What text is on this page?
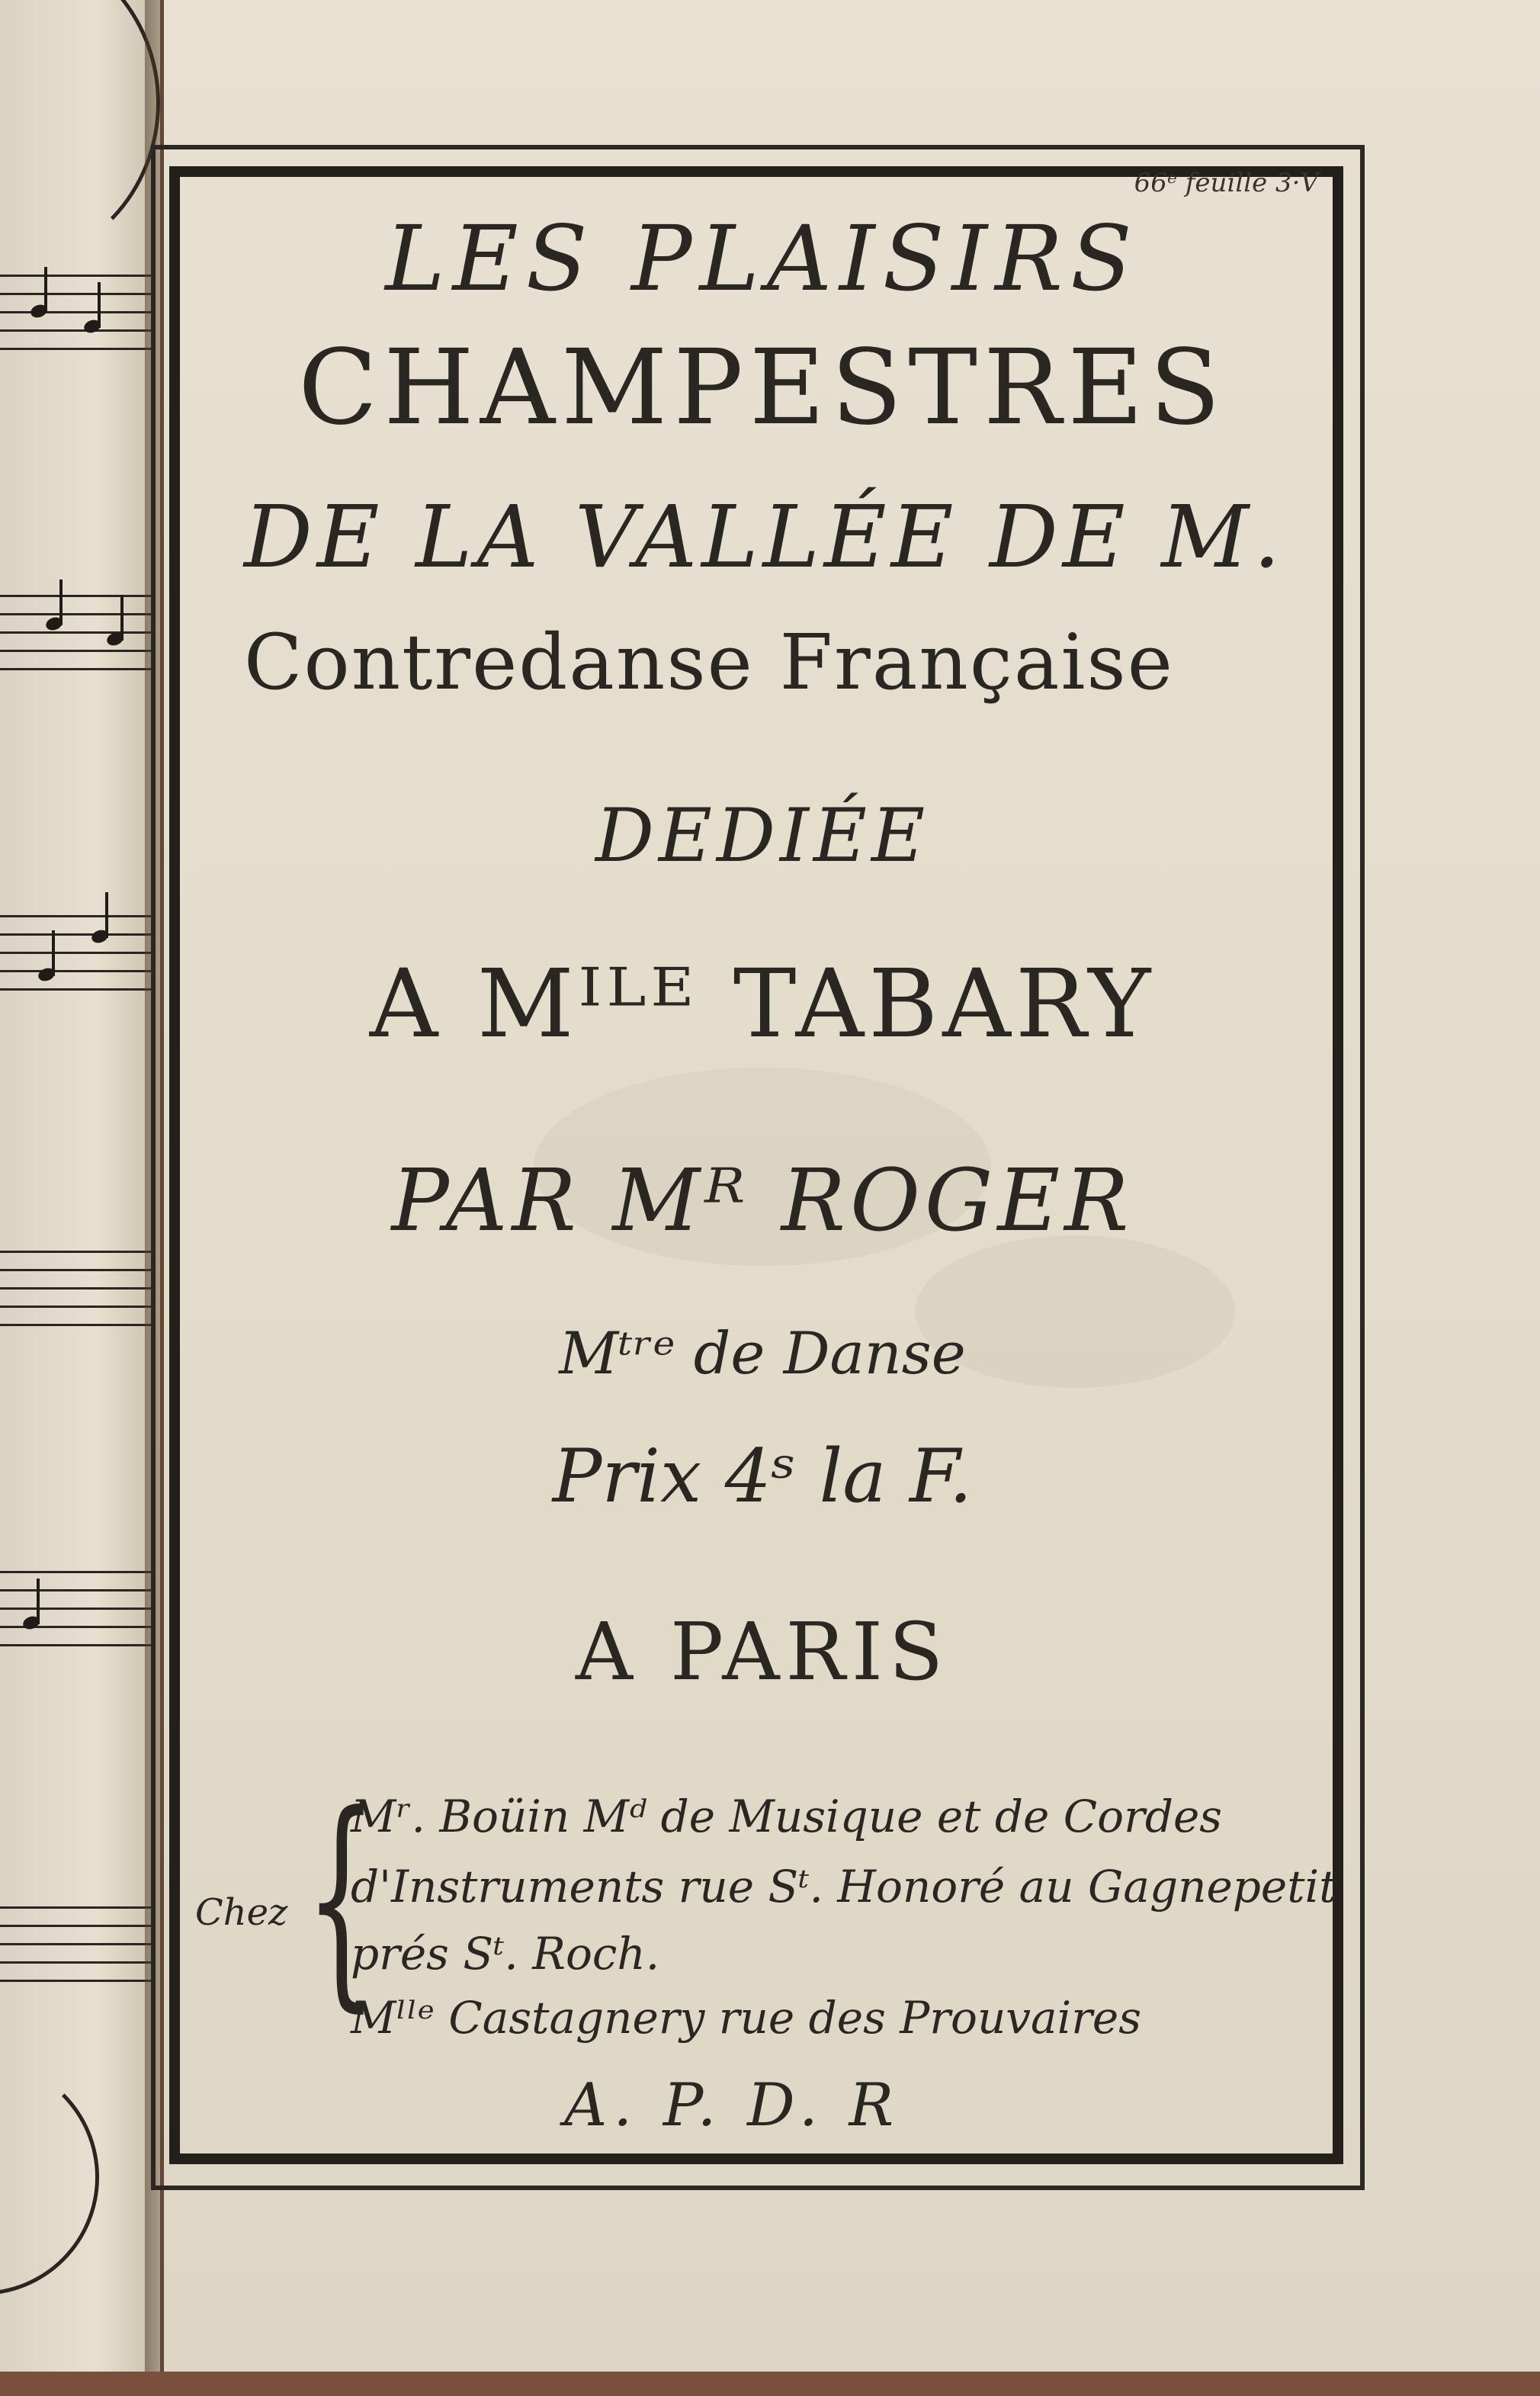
66ᵉ feuille 3·V
LES PLAISIRS
CHAMPESTRES
DE LA VALLÉE DE M.
Contredanse Française
DEDIÉE
A Mᴵᴸᴱ TABARY
PAR Mᴿ ROGER
Mᵗʳᵉ de Danse
Prix 4ˢ la F.
A PARIS
Chez {
Mʳ. Boüin Mᵈ de Musique et de Cordes
d'Instruments rue Sᵗ. Honoré au Gagnepetit
prés Sᵗ. Roch.
Mˡˡᵉ Castagnery rue des Prouvaires
A. P. D. R
